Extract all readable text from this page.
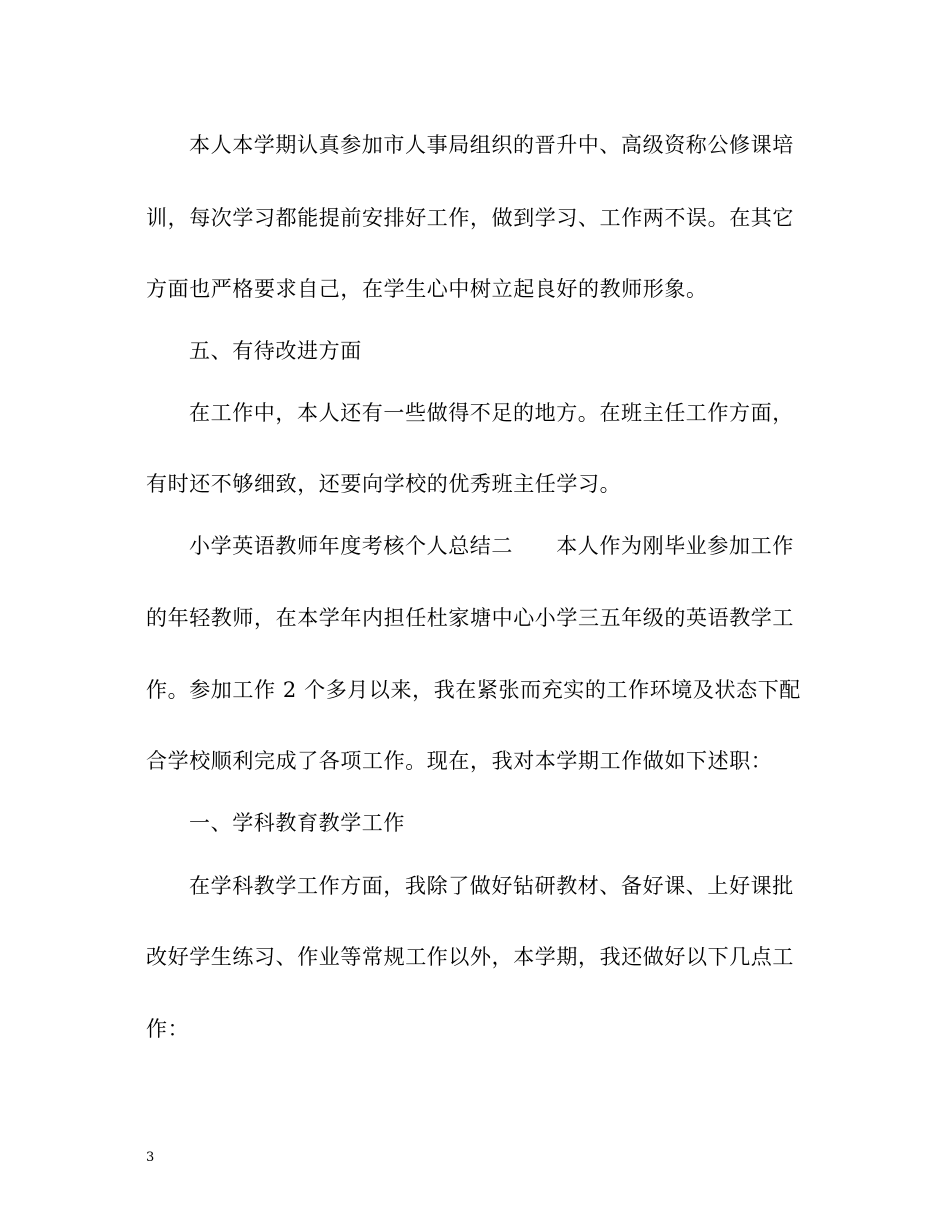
本人本学期认真参加市人事局组织的晋升中、高级资称公修课培
训，每次学习都能提前安排好工作，做到学习、工作两不误。在其它
方面也严格要求自己，在学生心中树立起良好的教师形象。
五、有待改进方面
在工作中，本人还有一些做得不足的地方。在班主任工作方面，
有时还不够细致，还要向学校的优秀班主任学习。
小学英语教师年度考核个人总结二　　本人作为刚毕业参加工作
的年轻教师，在本学年内担任杜家塘中心小学三五年级的英语教学工
作。参加工作 2 个多月以来，我在紧张而充实的工作环境及状态下配
合学校顺利完成了各项工作。现在，我对本学期工作做如下述职：
一、学科教育教学工作
在学科教学工作方面，我除了做好钻研教材、备好课、上好课批
改好学生练习、作业等常规工作以外，本学期，我还做好以下几点工
作：
3
